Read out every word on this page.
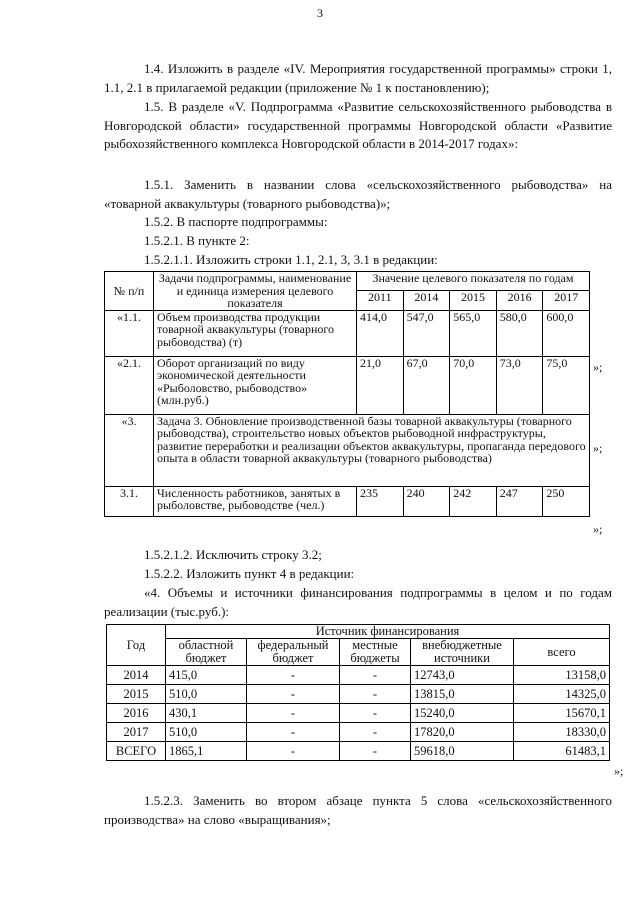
3
1.4. Изложить в разделе «IV. Мероприятия государственной программы» строки 1, 1.1, 2.1 в прилагаемой редакции (приложение № 1 к постановлению);
1.5. В разделе «V. Подпрограмма «Развитие сельскохозяйственного рыбоводства в Новгородской области» государственной программы Новгородской области «Развитие рыбохозяйственного комплекса Новгородской области в 2014-2017 годах»:
1.5.1. Заменить в названии слова «сельскохозяйственного рыбоводства» на «товарной аквакультуры (товарного рыбоводства)»;
1.5.2. В паспорте подпрограммы:
1.5.2.1. В пункте 2:
1.5.2.1.1. Изложить строки 1.1, 2.1, 3, 3.1 в редакции:
№ п/п	Задачи подпрограммы, наименование и единица измерения целевого показателя	Значение целевого показателя по годам				
		2011	2014	2015	2016	2017
«1.1.	Объем производства продукции товарной аквакультуры (товарного рыбоводства) (т)	414,0	547,0	565,0	580,0	600,0
«2.1.	Оборот организаций по виду экономической деятельности «Рыболовство, рыбоводство» (млн.руб.)	21,0	67,0	70,0	73,0	75,0
«3.	Задача 3. Обновление производственной базы товарной аквакультуры (товарного рыбоводства), строительство новых объектов рыбоводной инфраструктуры, развитие переработки и реализации объектов аквакультуры, пропаганда передового опыта в области товарной аквакультуры (товарного рыбоводства)					
3.1.	Численность работников, занятых в рыболовстве, рыбоводстве (чел.)	235	240	242	247	250
»;
»;
»;
1.5.2.1.2. Исключить строку 3.2;
1.5.2.2. Изложить пункт 4 в редакции:
«4. Объемы и источники финансирования подпрограммы в целом и по годам реализации (тыс.руб.):
Год	Источник финансирования				
	областной бюджет	федеральный бюджет	местные бюджеты	внебюджетные источники	всего
2014	415,0	-	-	12743,0	13158,0
2015	510,0	-	-	13815,0	14325,0
2016	430,1	-	-	15240,0	15670,1
2017	510,0	-	-	17820,0	18330,0
ВСЕГО	1865,1	-	-	59618,0	61483,1
»;
1.5.2.3. Заменить во втором абзаце пункта 5 слова «сельскохозяйственного производства» на слово «выращивания»;
